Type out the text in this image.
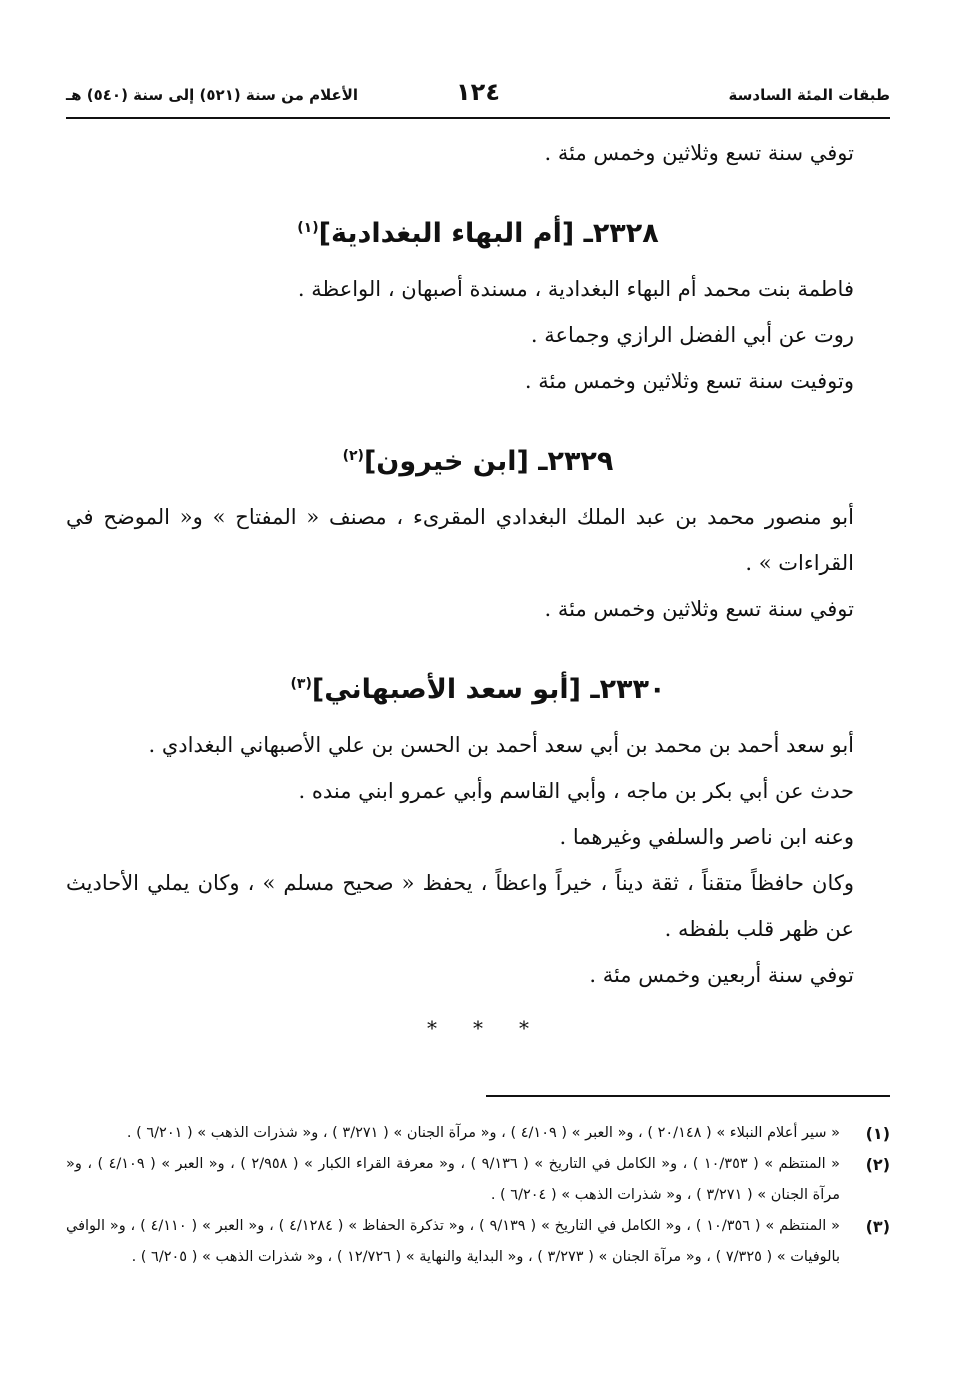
طبقات المئة السادسة
١٢٤
الأعلام من سنة (٥٢١) إلى سنة (٥٤٠) هـ

توفي سنة تسع وثلاثين وخمس مئة .

٢٣٢٨ـ [أم البهاء البغدادية]$^{(١)}$

فاطمة بنت محمد أم البهاء البغدادية ، مسندة أصبهان ، الواعظة .

روت عن أبي الفضل الرازي وجماعة .

وتوفيت سنة تسع وثلاثين وخمس مئة .

٢٣٢٩ـ [ابن خيرون]$^{(٢)}$

أبو منصور محمد بن عبد الملك البغدادي المقرىء ، مصنف « المفتاح » و« الموضح في القراءات » .

توفي سنة تسع وثلاثين وخمس مئة .

٢٣٣٠ـ [أبو سعد الأصبهاني]$^{(٣)}$

أبو سعد أحمد بن محمد بن أبي سعد أحمد بن الحسن بن علي الأصبهاني البغدادي .

حدث عن أبي بكر بن ماجه ، وأبي القاسم وأبي عمرو ابني منده .

وعنه ابن ناصر والسلفي وغيرهما .

وكان حافظاً متقناً ، ثقة ديناً ، خيراً واعظاً ، يحفظ « صحيح مسلم » ، وكان يملي الأحاديث عن ظهر قلب بلفظه .

توفي سنة أربعين وخمس مئة .

***

(١)
« سير أعلام النبلاء » ( ٢٠/١٤٨ ) ، و« العبر » ( ٤/١٠٩ ) ، و« مرآة الجنان » ( ٣/٢٧١ ) ، و« شذرات الذهب » ( ٦/٢٠١ ) .

(٢)
« المنتظم » ( ١٠/٣٥٣ ) ، و« الكامل في التاريخ » ( ٩/١٣٦ ) ، و« معرفة القراء الكبار » ( ٢/٩٥٨ ) ، و« العبر » ( ٤/١٠٩ ) ، و« مرآة الجنان » ( ٣/٢٧١ ) ، و« شذرات الذهب » ( ٦/٢٠٤ ) .

(٣)
« المنتظم » ( ١٠/٣٥٦ ) ، و« الكامل في التاريخ » ( ٩/١٣٩ ) ، و« تذكرة الحفاظ » ( ٤/١٢٨٤ ) ، و« العبر » ( ٤/١١٠ ) ، و« الوافي بالوفيات » ( ٧/٣٢٥ ) ، و« مرآة الجنان » ( ٣/٢٧٣ ) ، و« البداية والنهاية » ( ١٢/٧٢٦ ) ، و« شذرات الذهب » ( ٦/٢٠٥ ) .
